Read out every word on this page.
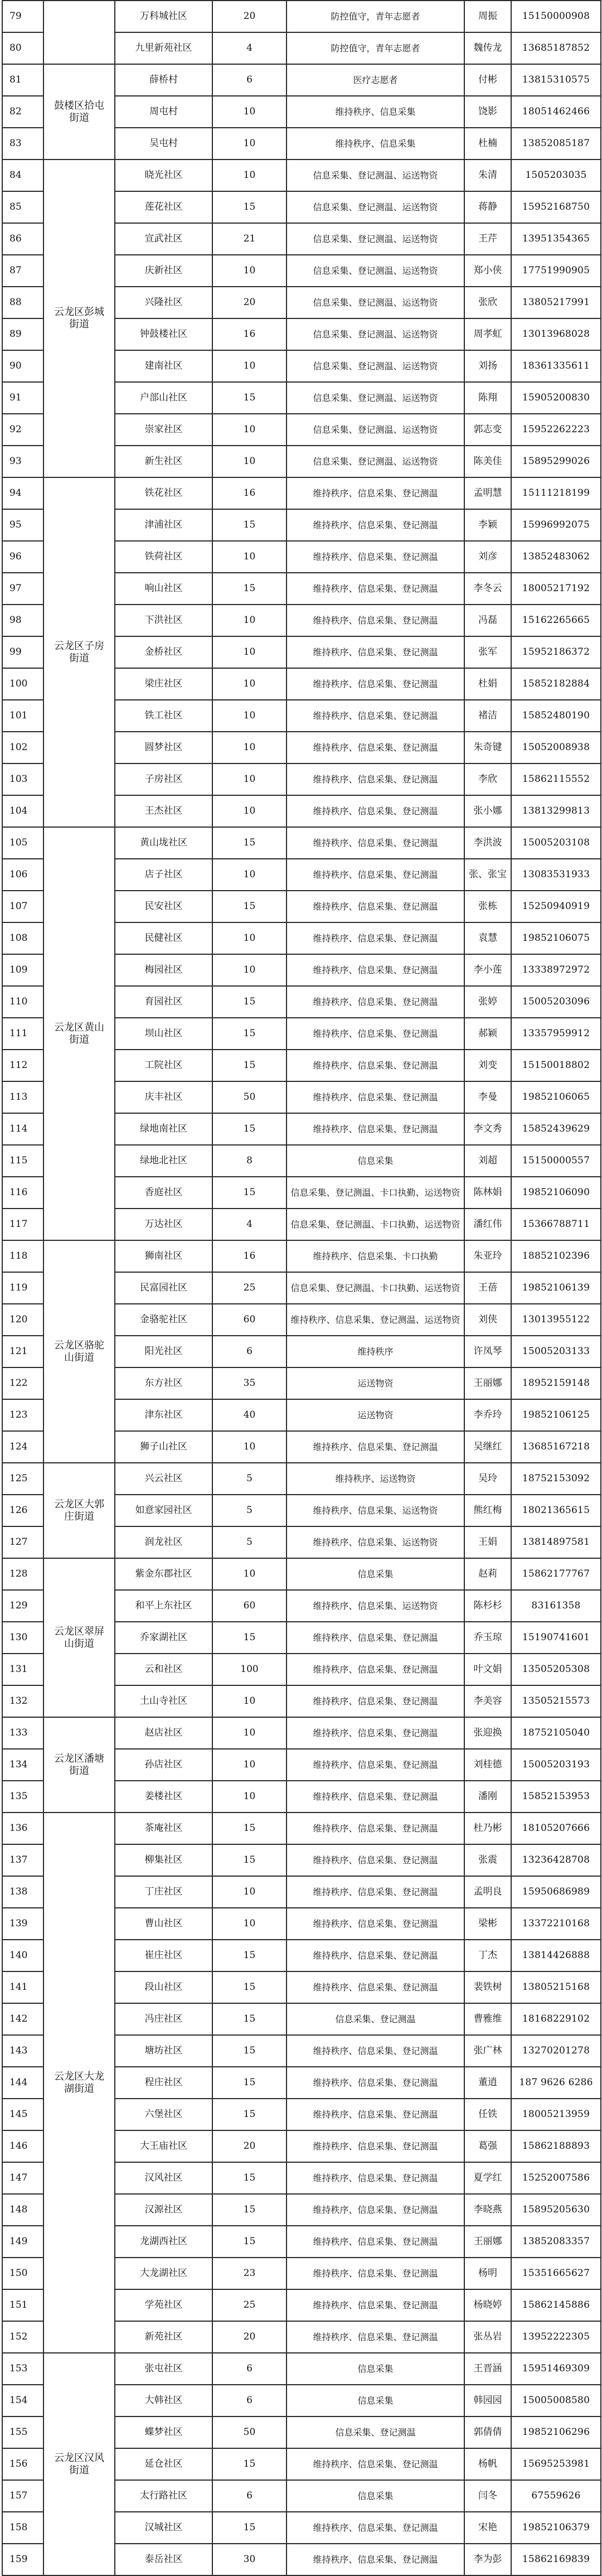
79		万科城社区	20	防控值守，青年志愿者	周振	15150000908
80		九里新苑社区	4	防控值守，青年志愿者	魏传龙	13685187852
81	鼓楼区拾屯街道	薛桥村	6	医疗志愿者	付彬	13815310575
82		周屯村	10	维持秩序、信息采集	饶影	18051462466
83		吴屯村	10	维持秩序、信息采集	杜楠	13852085187
84	云龙区彭城街道	晓光社区	10	信息采集、登记测温、运送物资	朱清	1505203035
85		莲花社区	15	信息采集、登记测温、运送物资	蒋静	15952168750
86		宣武社区	21	信息采集、登记测温、运送物资	王芹	13951354365
87		庆新社区	10	信息采集、登记测温、运送物资	郑小侠	17751990905
88		兴隆社区	20	信息采集、登记测温、运送物资	张欣	13805217991
89		钟鼓楼社区	16	信息采集、登记测温、运送物资	周孝虹	13013968028
90		建南社区	10	信息采集、登记测温、运送物资	刘扬	18361335611
91		户部山社区	15	信息采集、登记测温、运送物资	陈翔	15905200830
92		崇家社区	10	信息采集、登记测温、运送物资	郭志变	15952262223
93		新生社区	10	信息采集、登记测温、运送物资	陈美佳	15895299026
94	云龙区子房街道	铁花社区	16	维持秩序、信息采集、登记测温	孟明慧	15111218199
95		津浦社区	15	维持秩序、信息采集、登记测温	李颖	15996992075
96		铁荷社区	10	维持秩序、信息采集、登记测温	刘彦	13852483062
97		响山社区	15	维持秩序、信息采集、登记测温	李冬云	18005217192
98		下洪社区	10	维持秩序、信息采集、登记测温	冯磊	15162265665
99		金桥社区	10	维持秩序、信息采集、登记测温	张军	15952186372
100		梁庄社区	10	维持秩序、信息采集、登记测温	杜娟	15852182884
101		铁工社区	10	维持秩序、信息采集、登记测温	褚洁	15852480190
102		圆梦社区	10	维持秩序、信息采集、登记测温	朱奇键	15052008938
103		子房社区	10	维持秩序、信息采集、登记测温	李欣	15862115552
104		王杰社区	10	维持秩序、信息采集、登记测温	张小娜	13813299813
105	云龙区黄山街道	黄山垅社区	15	维持秩序、信息采集、登记测温	李洪波	15005203108
106		店子社区	10	维持秩序、信息采集、登记测温	张、张宝	13083531933
107		民安社区	15	维持秩序、信息采集、登记测温	张栋	15250940919
108		民健社区	10	维持秩序、信息采集、登记测温	袁慧	19852106075
109		梅园社区	10	维持秩序、信息采集、登记测温	李小莲	13338972972
110		育园社区	15	维持秩序、信息采集、登记测温	张婷	15005203096
111		坝山社区	15	维持秩序、信息采集、登记测温	郝颖	13357959912
112		工院社区	15	维持秩序、信息采集、登记测温	刘变	15150018802
113		庆丰社区	50	维持秩序、信息采集、登记测温	李曼	19852106065
114		绿地南社区	15	维持秩序、信息采集、登记测温	李文秀	15852439629
115		绿地北社区	8	信息采集	刘超	15150000557
116		香庭社区	15	信息采集、登记测温、卡口执勤、运送物资	陈林娟	19852106090
117		万达社区	4	信息采集、登记测温、卡口执勤、运送物资	潘红伟	15366788711
118	云龙区骆驼山街道	狮南社区	16	维持秩序、信息采集、卡口执勤	朱亚玲	18852102396
119		民富园社区	25	信息采集、登记测温、卡口执勤、运送物资	王蓓	19852106139
120		金骆驼社区	60	维持秩序、信息采集、登记测温、运送物资	刘侠	13013955122
121		阳光社区	6	维持秩序	许凤琴	15005203133
122		东方社区	35	运送物资	王丽娜	18952159148
123		津东社区	40	运送物资	李乔玲	19852106125
124		狮子山社区	10	维持秩序、信息采集、登记测温	吴继红	13685167218
125	云龙区大郭庄街道	兴云社区	5	维持秩序、运送物资	吴玲	18752153092
126		如意家园社区	5	维持秩序、信息采集、运送物资	熊红梅	18021365615
127		润龙社区	5	维持秩序、信息采集、运送物资	王娟	13814897581
128	云龙区翠屏山街道	紫金东郡社区	10	信息采集	赵莉	15862177767
129		和平上东社区	60	维持秩序、信息采集、运送物资	陈杉杉	83161358
130		乔家湖社区	15	维持秩序、信息采集、登记测温	乔玉琼	15190741601
131		云和社区	100	维持秩序、信息采集、登记测温	叶文娟	13505205308
132		土山寺社区	10	维持秩序、信息采集、登记测温	李美容	13505215573
133	云龙区潘塘街道	赵店社区	10	维持秩序、信息采集、登记测温	张迎换	18752105040
134		孙店社区	10	维持秩序、信息采集、登记测温	刘桂德	15005203193
135		姜楼社区	10	维持秩序、信息采集、登记测温	潘刚	15852153953
136	云龙区大龙湖街道	茶庵社区	15	维持秩序、信息采集、登记测温	杜乃彬	18105207666
137		柳集社区	15	维持秩序、信息采集、登记测温	张震	13236428708
138		丁庄社区	10	维持秩序、信息采集、登记测温	孟明良	15950686989
139		曹山社区	10	维持秩序、信息采集、登记测温	梁彬	13372210168
140		崔庄社区	15	维持秩序、信息采集、登记测温	丁杰	13814426888
141		段山社区	15	维持秩序、信息采集、登记测温	裴铁树	13805215168
142		冯庄社区	15	信息采集、登记测温	曹雅维	18168229102
143		塘坊社区	15	维持秩序、信息采集、登记测温	张广林	13270201278
144		程庄社区	15	维持秩序、信息采集、登记测温	董逍	187 9626 6286
145		六堡社区	15	维持秩序、信息采集、登记测温	任铁	18005213959
146		大王庙社区	20	维持秩序、信息采集、登记测温	葛强	15862188893
147		汉风社区	15	维持秩序、信息采集、登记测温	夏学红	15252007586
148		汉源社区	15	维持秩序、信息采集、登记测温	李晓燕	15895205630
149		龙湖西社区	15	维持秩序、信息采集、登记测温	王丽娜	13852083357
150		大龙湖社区	23	维持秩序、信息采集、登记测温	杨明	15351665627
151		学苑社区	25	维持秩序、信息采集、登记测温	杨晓婷	15862145886
152		新苑社区	20	维持秩序、信息采集、登记测温	张丛岩	13952222305
153	云龙区汉风街道	张屯社区	6	信息采集	王晋涵	15951469309
154		大韩社区	6	信息采集	韩园园	15005008580
155		蝶梦社区	50	信息采集、登记测温	郭倩倩	19852106296
156		延仓社区	15	维持秩序、信息采集、登记测温	杨帆	15695253981
157		太行路社区	6	信息采集	闫冬	67559626
158		汉城社区	15	维持秩序、信息采集、登记测温	宋艳	19852106379
159		泰岳社区	30	维持秩序、信息采集、登记测温	李为彭	15862169839
